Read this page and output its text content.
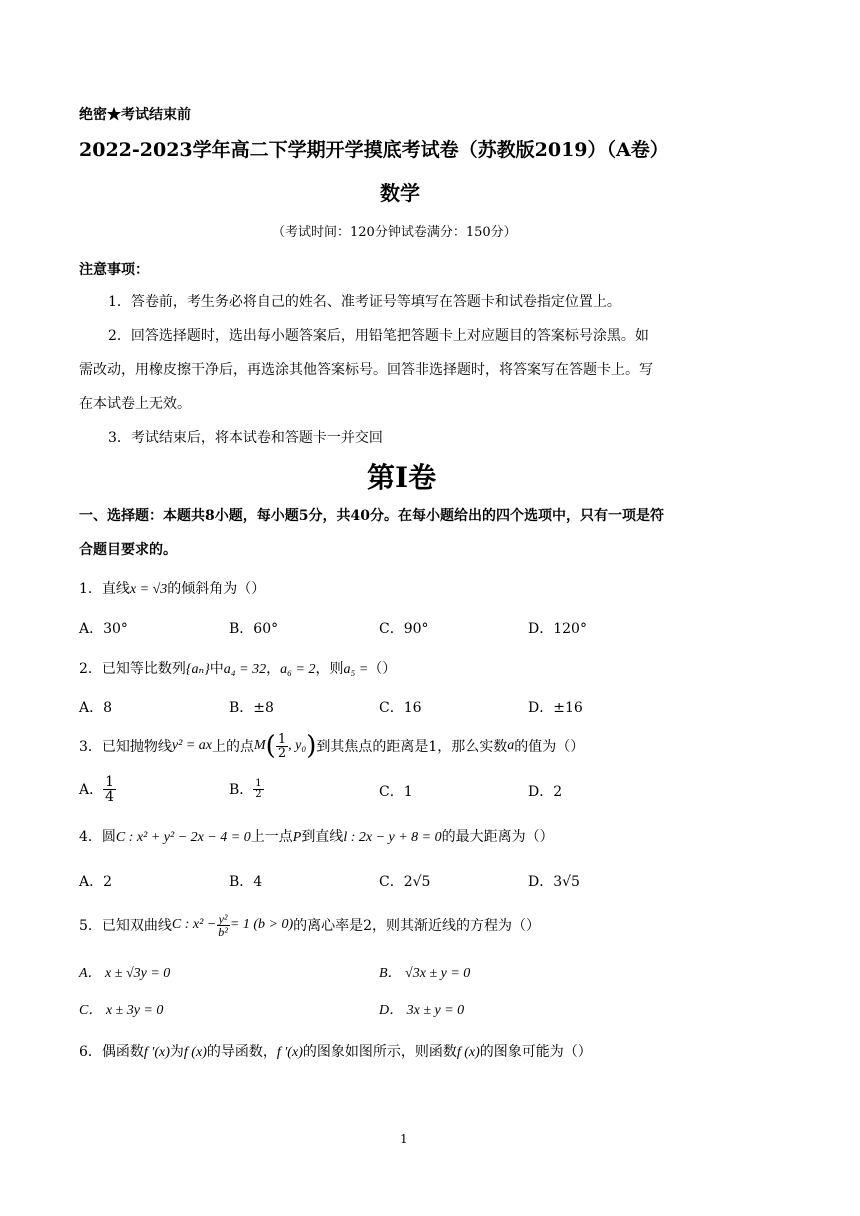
绝密★考试结束前
2022-2023学年高二下学期开学摸底考试卷（苏教版2019）（A卷）
数学
（考试时间：120分钟试卷满分：150分）
注意事项：
1．答卷前，考生务必将自己的姓名、准考证号等填写在答题卡和试卷指定位置上。
2．回答选择题时，选出每小题答案后，用铅笔把答题卡上对应题目的答案标号涂黑。如
需改动，用橡皮擦干净后，再选涂其他答案标号。回答非选择题时，将答案写在答题卡上。写
在本试卷上无效。
3．考试结束后，将本试卷和答题卡一并交回
第I卷
一、选择题：本题共8小题，每小题5分，共40分。在每小题给出的四个选项中，只有一项是符
合题目要求的。
1．直线x = √3的倾斜角为（）
A．30°	B．60°	C．90°	D．120°
2．已知等比数列{aₙ}中a₄ = 32，a₆ = 2，则a₅ =（）
A．8	B．±8	C．16	D．±16
3．已知抛物线 y² = ax 上的点 M ( $\frac{1}{2}$ , y₀ ) 到其焦点的距离是1，那么实数 a 的值为（）
A． $\frac{1}{4}$	B． $\frac{1}{2}$	C．1	D．2
4．圆C : x² + y² − 2x − 4 = 0上一点P到直线l : 2x − y + 8 = 0的最大距离为（）
A．2	B．4	C．2√5	D．3√5
5．已知双曲线 C : $x^2 - \frac{\text{y²}}{\text{b²}} = 1$ (b > 0) 的离心率是2，则其渐近线的方程为（）
A． x ± √3y = 0	B． √3x ± y = 0
C． x ± 3y = 0	D． 3x ± y = 0
6．偶函数f ′(x)为f (x)的导函数，f ′(x)的图象如图所示，则函数f (x)的图象可能为（）
1
